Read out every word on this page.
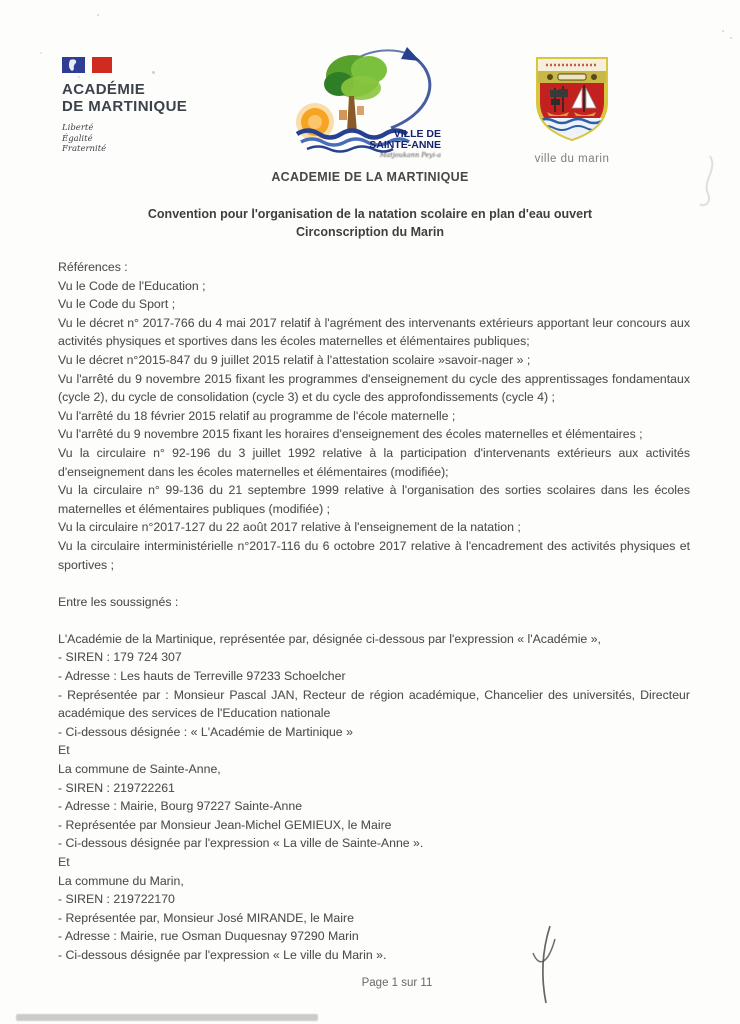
ACADÉMIE
DE MARTINIQUE
Liberté
Égalité
Fraternité
VILLE DE
SAINTE-ANNE
Matjoukann Peyi-a	ville du marin
ACADEMIE DE LA MARTINIQUE
Convention pour l'organisation de la natation scolaire en plan d'eau ouvert
Circonscription du Marin

Références :

Vu le Code de l'Education ;

Vu le Code du Sport ;

Vu le décret n° 2017-766 du 4 mai 2017 relatif à l'agrément des intervenants extérieurs apportant leur concours aux activités physiques et sportives dans les écoles maternelles et élémentaires publiques;

Vu le décret n°2015-847 du 9 juillet 2015 relatif à l'attestation scolaire »savoir-nager » ;

Vu l'arrêté du 9 novembre 2015 fixant les programmes d'enseignement du cycle des apprentissages fondamentaux (cycle 2), du cycle de consolidation (cycle 3) et du cycle des approfondissements (cycle 4) ;

Vu l'arrêté du 18 février 2015 relatif au programme de l'école maternelle ;

Vu l'arrêté du 9 novembre 2015 fixant les horaires d'enseignement des écoles maternelles et élémentaires ;

Vu la circulaire n° 92-196 du 3 juillet 1992 relative à la participation d'intervenants extérieurs aux activités d'enseignement dans les écoles maternelles et élémentaires (modifiée);

Vu la circulaire n° 99-136 du 21 septembre 1999 relative à l'organisation des sorties scolaires dans les écoles maternelles et élémentaires publiques (modifiée) ;

Vu la circulaire n°2017-127 du 22 août 2017 relative à l'enseignement de la natation ;

Vu la circulaire interministérielle n°2017-116 du 6 octobre 2017 relative à l'encadrement des activités physiques et sportives ;

Entre les soussignés :

L'Académie de la Martinique, représentée par, désignée ci-dessous par l'expression « l'Académie »,

- SIREN : 179 724 307

- Adresse : Les hauts de Terreville 97233 Schoelcher

- Représentée par : Monsieur Pascal JAN, Recteur de région académique, Chancelier des universités, Directeur académique des services de l'Education nationale

- Ci-dessous désignée : « L'Académie de Martinique »

Et

La commune de Sainte-Anne,

- SIREN : 219722261

- Adresse : Mairie, Bourg 97227 Sainte-Anne

- Représentée par Monsieur Jean-Michel GEMIEUX, le Maire

- Ci-dessous désignée par l'expression « La ville de Sainte-Anne ».

Et

La commune du Marin,

- SIREN : 219722170

- Représentée par, Monsieur José MIRANDE, le Maire

- Adresse : Mairie, rue Osman Duquesnay 97290 Marin

- Ci-dessous désignée par l'expression « Le ville du Marin ».

Page 1 sur 11
